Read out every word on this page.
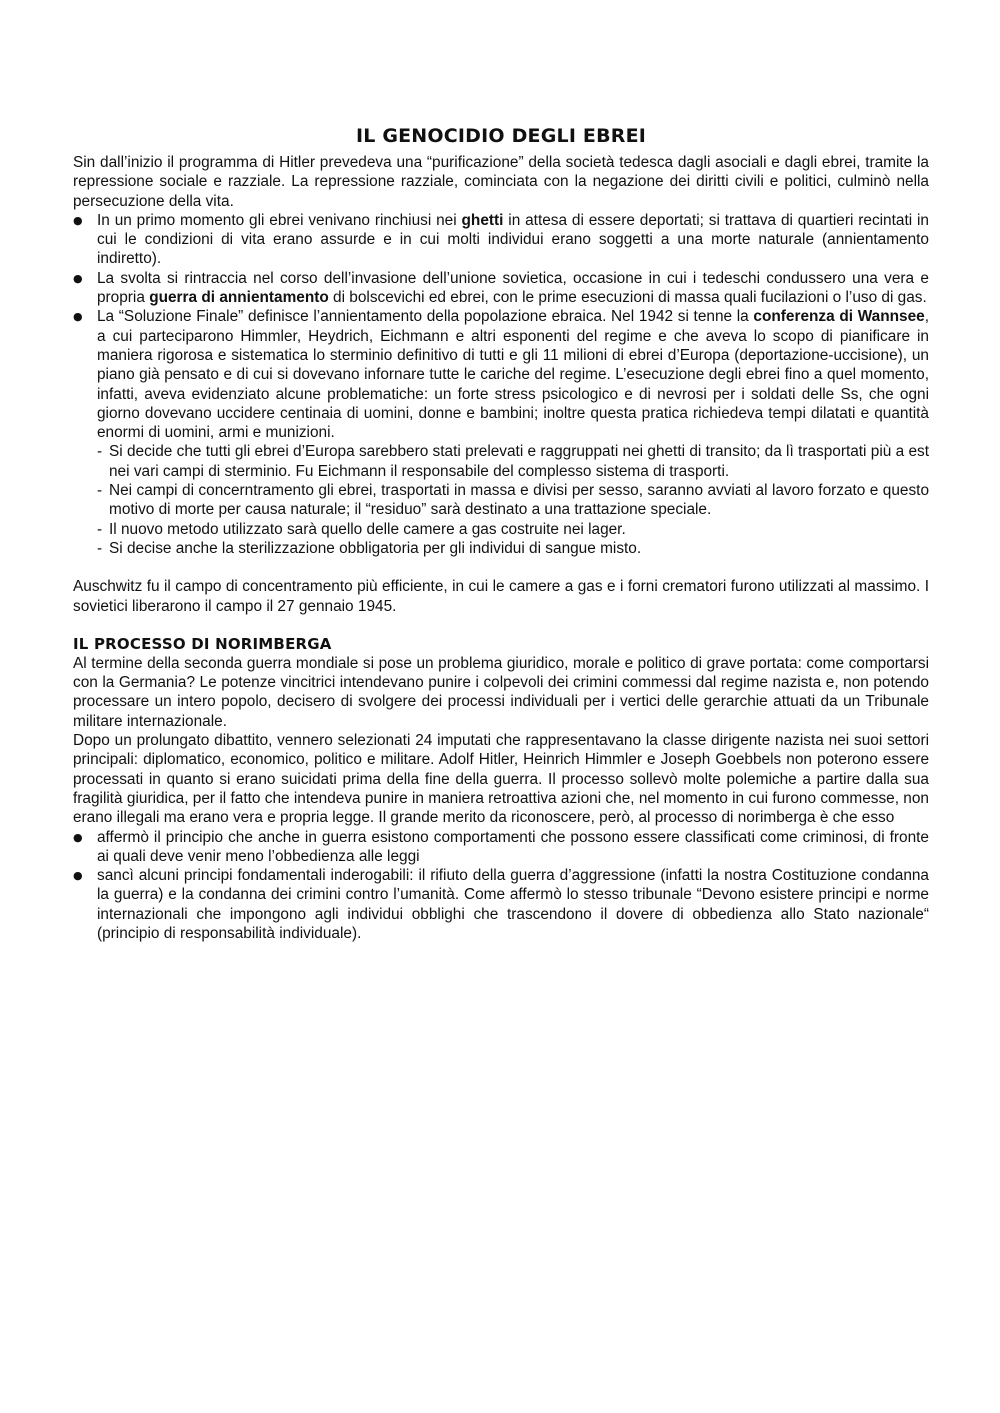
IL GENOCIDIO DEGLI EBREI

Sin dall’inizio il programma di Hitler prevedeva una “purificazione” della società tedesca dagli asociali e dagli ebrei, tramite la repressione sociale e razziale. La repressione razziale, cominciata con la negazione dei diritti civili e politici, culminò nella persecuzione della vita.

● In un primo momento gli ebrei venivano rinchiusi nei ghetti in attesa di essere deportati; si trattava di quartieri recintati in cui le condizioni di vita erano assurde e in cui molti individui erano soggetti a una morte naturale (annientamento indiretto).
● La svolta si rintraccia nel corso dell’invasione dell’unione sovietica, occasione in cui i tedeschi condussero una vera e propria guerra di annientamento di bolscevichi ed ebrei, con le prime esecuzioni di massa quali fucilazioni o l’uso di gas.
● La “Soluzione Finale” definisce l’annientamento della popolazione ebraica. Nel 1942 si tenne la conferenza di Wannsee, a cui parteciparono Himmler, Heydrich, Eichmann e altri esponenti del regime e che aveva lo scopo di pianificare in maniera rigorosa e sistematica lo sterminio definitivo di tutti e gli 11 milioni di ebrei d’Europa (deportazione-uccisione), un piano già pensato e di cui si dovevano infornare tutte le cariche del regime. L’esecuzione degli ebrei fino a quel momento, infatti, aveva evidenziato alcune problematiche: un forte stress psicologico e di nevrosi per i soldati delle Ss, che ogni giorno dovevano uccidere centinaia di uomini, donne e bambini; inoltre questa pratica richiedeva tempi dilatati e quantità enormi di uomini, armi e munizioni.
- Si decide che tutti gli ebrei d’Europa sarebbero stati prelevati e raggruppati nei ghetti di transito; da lì trasportati più a est nei vari campi di sterminio. Fu Eichmann il responsabile del complesso sistema di trasporti.
- Nei campi di concerntramento gli ebrei, trasportati in massa e divisi per sesso, saranno avviati al lavoro forzato e questo motivo di morte per causa naturale; il “residuo” sarà destinato a una trattazione speciale.
- Il nuovo metodo utilizzato sarà quello delle camere a gas costruite nei lager.
- Si decise anche la sterilizzazione obbligatoria per gli individui di sangue misto.

Auschwitz fu il campo di concentramento più efficiente, in cui le camere a gas e i forni crematori furono utilizzati al massimo. I sovietici liberarono il campo il 27 gennaio 1945.

IL PROCESSO DI NORIMBERGA

Al termine della seconda guerra mondiale si pose un problema giuridico, morale e politico di grave portata: come comportarsi con la Germania? Le potenze vincitrici intendevano punire i colpevoli dei crimini commessi dal regime nazista e, non potendo processare un intero popolo, decisero di svolgere dei processi individuali per i vertici delle gerarchie attuati da un Tribunale militare internazionale.

Dopo un prolungato dibattito, vennero selezionati 24 imputati che rappresentavano la classe dirigente nazista nei suoi settori principali: diplomatico, economico, politico e militare. Adolf Hitler, Heinrich Himmler e Joseph Goebbels non poterono essere processati in quanto si erano suicidati prima della fine della guerra. Il processo sollevò molte polemiche a partire dalla sua fragilità giuridica, per il fatto che intendeva punire in maniera retroattiva azioni che, nel momento in cui furono commesse, non erano illegali ma erano vera e propria legge. Il grande merito da riconoscere, però, al processo di norimberga è che esso

● affermò il principio che anche in guerra esistono comportamenti che possono essere classificati come criminosi, di fronte ai quali deve venir meno l’obbedienza alle leggi
● sancì alcuni principi fondamentali inderogabili: il rifiuto della guerra d’aggressione (infatti la nostra Costituzione condanna la guerra) e la condanna dei crimini contro l’umanità. Come affermò lo stesso tribunale “Devono esistere principi e norme internazionali che impongono agli individui obblighi che trascendono il dovere di obbedienza allo Stato nazionale“ (principio di responsabilità individuale).
